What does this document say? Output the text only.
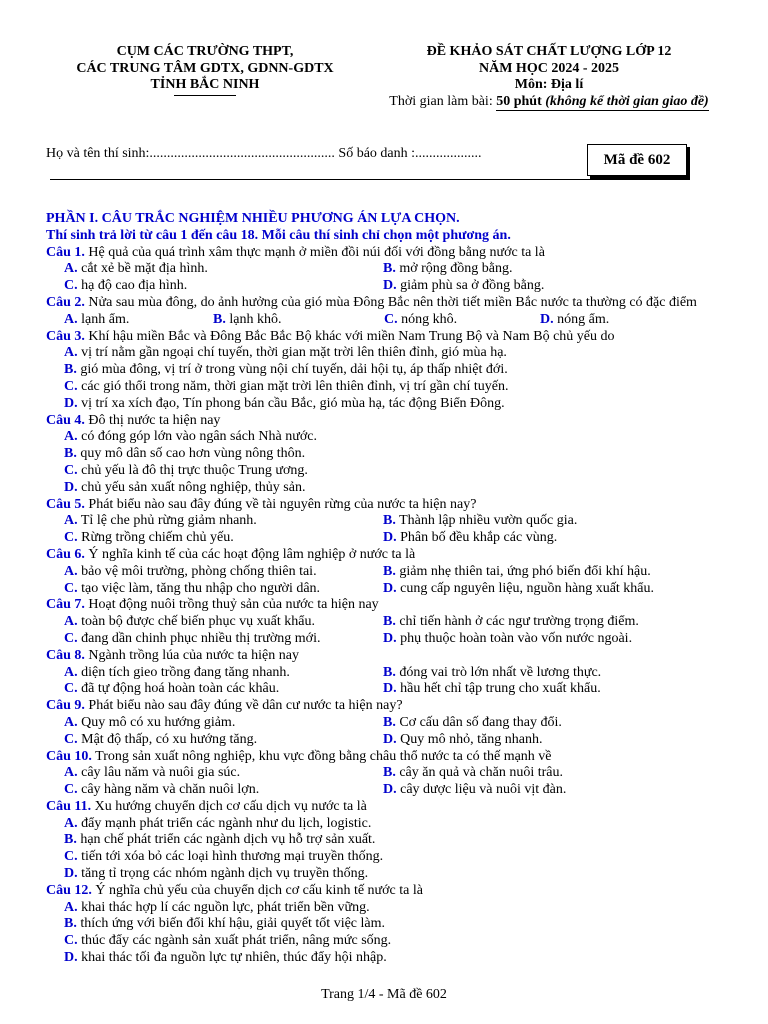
CỤM CÁC TRƯỜNG THPT,
CÁC TRUNG TÂM GDTX, GDNN-GDTX
TỈNH BẮC NINH
ĐỀ KHẢO SÁT CHẤT LƯỢNG LỚP 12
NĂM HỌC 2024 - 2025
Môn: Địa lí
Thời gian làm bài: 50 phút (không kể thời gian giao đề)
Họ và tên thí sinh:..................................................... Số báo danh :...................	Mã đề 602
PHẦN I. CÂU TRẮC NGHIỆM NHIỀU PHƯƠNG ÁN LỰA CHỌN.
Thí sinh trả lời từ câu 1 đến câu 18. Mỗi câu thí sinh chỉ chọn một phương án.
Câu 1. Hệ quả của quá trình xâm thực mạnh ở miền đồi núi đối với đồng bằng nước ta là
A. cắt xẻ bề mặt địa hình.	B. mở rộng đồng bằng.
C. hạ độ cao địa hình.	D. giảm phù sa ở đồng bằng.
Câu 2. Nửa sau mùa đông, do ảnh hưởng của gió mùa Đông Bắc nên thời tiết miền Bắc nước ta thường có đặc điểm
A. lạnh ẩm.	B. lạnh khô.	C. nóng khô.	D. nóng ẩm.
Câu 3. Khí hậu miền Bắc và Đông Bắc Bắc Bộ khác với miền Nam Trung Bộ và Nam Bộ chủ yếu do
A. vị trí nằm gần ngoại chí tuyến, thời gian mặt trời lên thiên đỉnh, gió mùa hạ.
B. gió mùa đông, vị trí ở trong vùng nội chí tuyến, dải hội tụ, áp thấp nhiệt đới.
C. các gió thổi trong năm, thời gian mặt trời lên thiên đỉnh, vị trí gần chí tuyến.
D. vị trí xa xích đạo, Tín phong bán cầu Bắc, gió mùa hạ, tác động Biển Đông.
Câu 4. Đô thị nước ta hiện nay
A. có đóng góp lớn vào ngân sách Nhà nước.
B. quy mô dân số cao hơn vùng nông thôn.
C. chủ yếu là đô thị trực thuộc Trung ương.
D. chủ yếu sản xuất nông nghiệp, thủy sản.
Câu 5. Phát biểu nào sau đây đúng về tài nguyên rừng của nước ta hiện nay?
A. Tỉ lệ che phủ rừng giảm nhanh.	B. Thành lập nhiều vườn quốc gia.
C. Rừng trồng chiếm chủ yếu.	D. Phân bố đều khắp các vùng.
Câu 6. Ý nghĩa kinh tế của các hoạt động lâm nghiệp ở nước ta là
A. bảo vệ môi trường, phòng chống thiên tai.	B. giảm nhẹ thiên tai, ứng phó biến đổi khí hậu.
C. tạo việc làm, tăng thu nhập cho người dân.	D. cung cấp nguyên liệu, nguồn hàng xuất khẩu.
Câu 7. Hoạt động nuôi trồng thuỷ sản của nước ta hiện nay
A. toàn bộ được chế biến phục vụ xuất khẩu.	B. chỉ tiến hành ở các ngư trường trọng điểm.
C. đang dần chinh phục nhiều thị trường mới.	D. phụ thuộc hoàn toàn vào vốn nước ngoài.
Câu 8. Ngành trồng lúa của nước ta hiện nay
A. diện tích gieo trồng đang tăng nhanh.	B. đóng vai trò lớn nhất về lương thực.
C. đã tự động hoá hoàn toàn các khâu.	D. hầu hết chỉ tập trung cho xuất khẩu.
Câu 9. Phát biểu nào sau đây đúng về dân cư nước ta hiện nay?
A. Quy mô có xu hướng giảm.	B. Cơ cấu dân số đang thay đổi.
C. Mật độ thấp, có xu hướng tăng.	D. Quy mô nhỏ, tăng nhanh.
Câu 10. Trong sản xuất nông nghiệp, khu vực đồng bằng châu thổ nước ta có thế mạnh về
A. cây lâu năm và nuôi gia súc.	B. cây ăn quả và chăn nuôi trâu.
C. cây hàng năm và chăn nuôi lợn.	D. cây dược liệu và nuôi vịt đàn.
Câu 11. Xu hướng chuyển dịch cơ cấu dịch vụ nước ta là
A. đẩy mạnh phát triển các ngành như du lịch, logistic.
B. hạn chế phát triển các ngành dịch vụ hỗ trợ sản xuất.
C. tiến tới xóa bỏ các loại hình thương mại truyền thống.
D. tăng tỉ trọng các nhóm ngành dịch vụ truyền thống.
Câu 12. Ý nghĩa chủ yếu của chuyển dịch cơ cấu kinh tế nước ta là
A. khai thác hợp lí các nguồn lực, phát triển bền vững.
B. thích ứng với biến đổi khí hậu, giải quyết tốt việc làm.
C. thúc đẩy các ngành sản xuất phát triển, nâng mức sống.
D. khai thác tối đa nguồn lực tự nhiên, thúc đẩy hội nhập.
Trang 1/4 - Mã đề 602
